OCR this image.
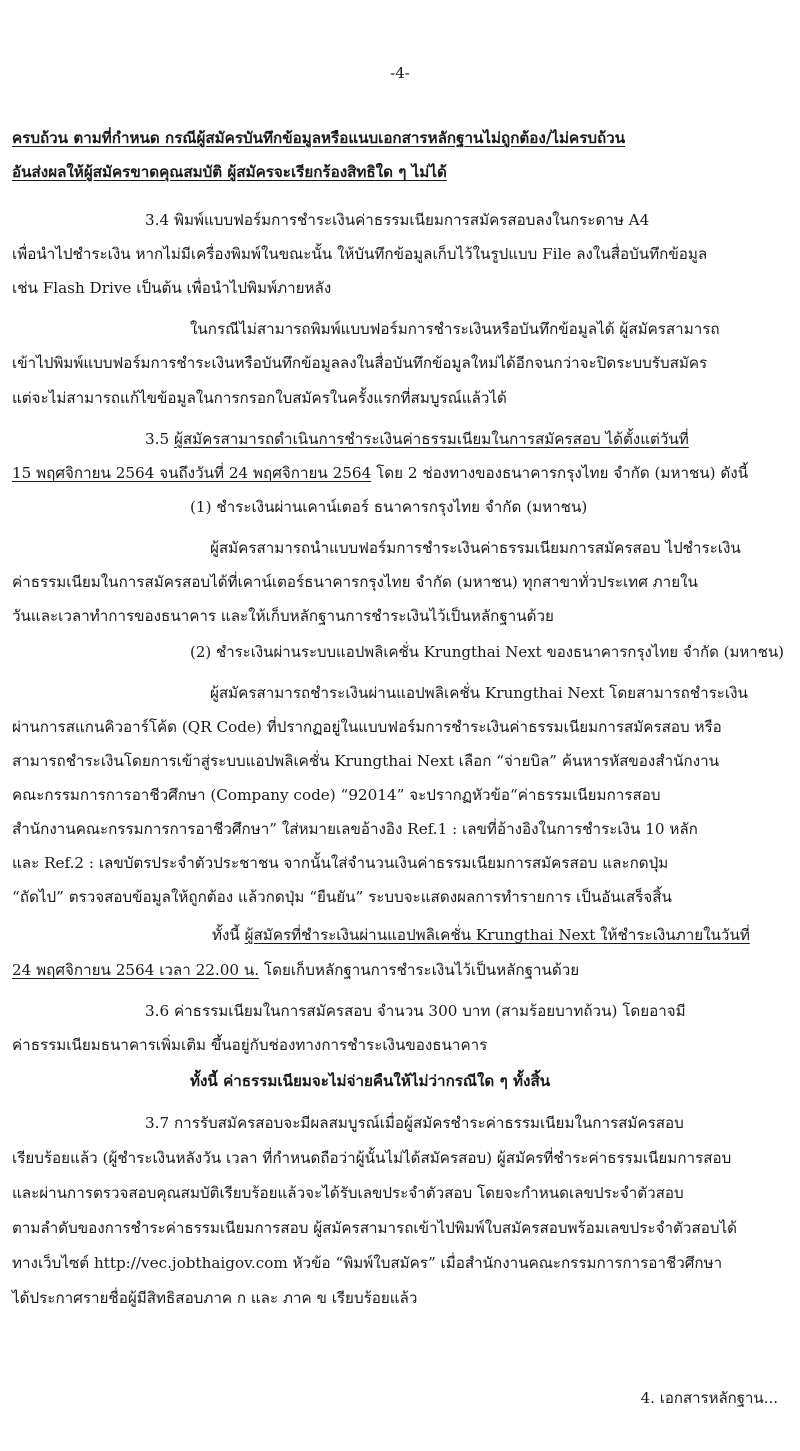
-4-
ครบถ้วน ตามที่กำหนด กรณีผู้สมัครบันทึกข้อมูลหรือแนบเอกสารหลักฐานไม่ถูกต้อง/ไม่ครบถ้วน
อันส่งผลให้ผู้สมัครขาดคุณสมบัติ ผู้สมัครจะเรียกร้องสิทธิใด ๆ ไม่ได้
3.4 พิมพ์แบบฟอร์มการชำระเงินค่าธรรมเนียมการสมัครสอบลงในกระดาษ A4
เพื่อนำไปชำระเงิน หากไม่มีเครื่องพิมพ์ในขณะนั้น ให้บันทึกข้อมูลเก็บไว้ในรูปแบบ File ลงในสื่อบันทึกข้อมูล
เช่น Flash Drive เป็นต้น เพื่อนำไปพิมพ์ภายหลัง
ในกรณีไม่สามารถพิมพ์แบบฟอร์มการชำระเงินหรือบันทึกข้อมูลได้ ผู้สมัครสามารถ
เข้าไปพิมพ์แบบฟอร์มการชำระเงินหรือบันทึกข้อมูลลงในสื่อบันทึกข้อมูลใหม่ได้อีกจนกว่าจะปิดระบบรับสมัคร
แต่จะไม่สามารถแก้ไขข้อมูลในการกรอกใบสมัครในครั้งแรกที่สมบูรณ์แล้วได้
3.5 ผู้สมัครสามารถดำเนินการชำระเงินค่าธรรมเนียมในการสมัครสอบ ได้ตั้งแต่วันที่
15 พฤศจิกายน 2564 จนถึงวันที่ 24 พฤศจิกายน 2564 โดย 2 ช่องทางของธนาคารกรุงไทย จำกัด (มหาชน) ดังนี้
(1) ชำระเงินผ่านเคาน์เตอร์ ธนาคารกรุงไทย จำกัด (มหาชน)
ผู้สมัครสามารถนำแบบฟอร์มการชำระเงินค่าธรรมเนียมการสมัครสอบ ไปชำระเงิน
ค่าธรรมเนียมในการสมัครสอบได้ที่เคาน์เตอร์ธนาคารกรุงไทย จำกัด (มหาชน) ทุกสาขาทั่วประเทศ ภายใน
วันและเวลาทำการของธนาคาร และให้เก็บหลักฐานการชำระเงินไว้เป็นหลักฐานด้วย
(2) ชำระเงินผ่านระบบแอปพลิเคชั่น Krungthai Next ของธนาคารกรุงไทย จำกัด (มหาชน)
ผู้สมัครสามารถชำระเงินผ่านแอปพลิเคชั่น Krungthai Next โดยสามารถชำระเงิน
ผ่านการสแกนคิวอาร์โค้ด (QR Code) ที่ปรากฏอยู่ในแบบฟอร์มการชำระเงินค่าธรรมเนียมการสมัครสอบ หรือ
สามารถชำระเงินโดยการเข้าสู่ระบบแอปพลิเคชั่น Krungthai Next เลือก “จ่ายบิล” ค้นหารหัสของสำนักงาน
คณะกรรมการการอาชีวศึกษา (Company code) “92014” จะปรากฏหัวข้อ“ค่าธรรมเนียมการสอบ
สำนักงานคณะกรรมการการอาชีวศึกษา” ใส่หมายเลขอ้างอิง Ref.1 : เลขที่อ้างอิงในการชำระเงิน 10 หลัก
และ Ref.2 : เลขบัตรประจำตัวประชาชน จากนั้นใส่จำนวนเงินค่าธรรมเนียมการสมัครสอบ และกดปุ่ม
“ถัดไป” ตรวจสอบข้อมูลให้ถูกต้อง แล้วกดปุ่ม “ยืนยัน” ระบบจะแสดงผลการทำรายการ เป็นอันเสร็จสิ้น
ทั้งนี้ ผู้สมัครที่ชำระเงินผ่านแอปพลิเคชั่น Krungthai Next ให้ชำระเงินภายในวันที่
24 พฤศจิกายน 2564 เวลา 22.00 น. โดยเก็บหลักฐานการชำระเงินไว้เป็นหลักฐานด้วย
3.6 ค่าธรรมเนียมในการสมัครสอบ จำนวน 300 บาท (สามร้อยบาทถ้วน) โดยอาจมี
ค่าธรรมเนียมธนาคารเพิ่มเติม ขึ้นอยู่กับช่องทางการชำระเงินของธนาคาร
ทั้งนี้ ค่าธรรมเนียมจะไม่จ่ายคืนให้ไม่ว่ากรณีใด ๆ ทั้งสิ้น
3.7 การรับสมัครสอบจะมีผลสมบูรณ์เมื่อผู้สมัครชำระค่าธรรมเนียมในการสมัครสอบ
เรียบร้อยแล้ว (ผู้ชำระเงินหลังวัน เวลา ที่กำหนดถือว่าผู้นั้นไม่ได้สมัครสอบ) ผู้สมัครที่ชำระค่าธรรมเนียมการสอบ
และผ่านการตรวจสอบคุณสมบัติเรียบร้อยแล้วจะได้รับเลขประจำตัวสอบ โดยจะกำหนดเลขประจำตัวสอบ
ตามลำดับของการชำระค่าธรรมเนียมการสอบ ผู้สมัครสามารถเข้าไปพิมพ์ใบสมัครสอบพร้อมเลขประจำตัวสอบได้
ทางเว็บไซต์ http://vec.jobthaigov.com หัวข้อ “พิมพ์ใบสมัคร” เมื่อสำนักงานคณะกรรมการการอาชีวศึกษา
ได้ประกาศรายชื่อผู้มีสิทธิสอบภาค ก และ ภาค ข เรียบร้อยแล้ว
4. เอกสารหลักฐาน...
